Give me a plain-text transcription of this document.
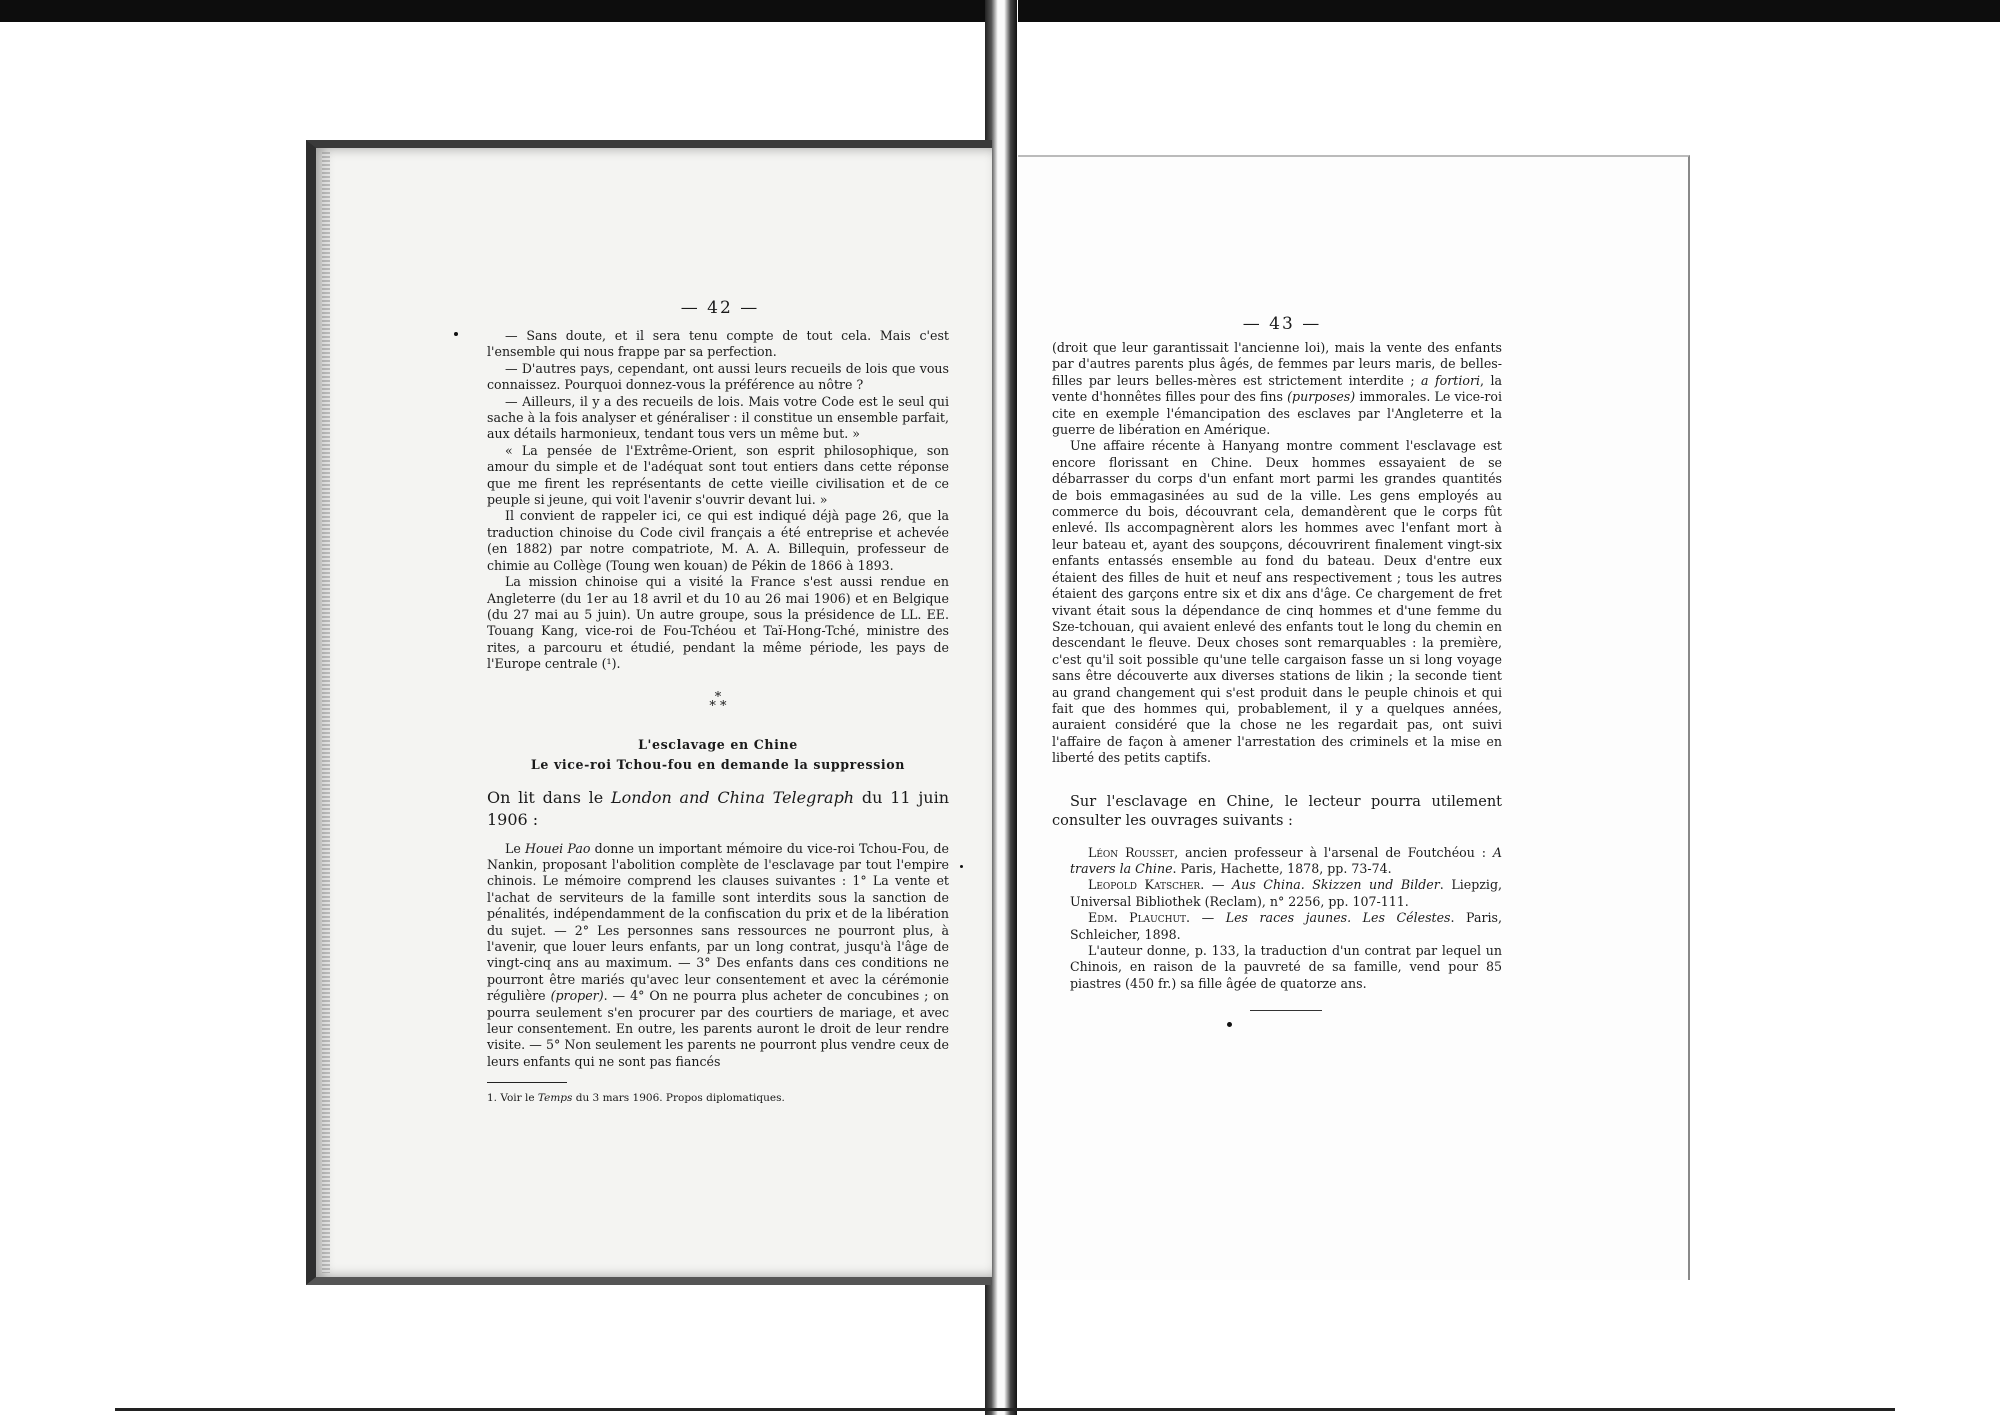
— 42 —

— Sans doute, et il sera tenu compte de tout cela. Mais c'est l'ensemble qui nous frappe par sa perfection.

— D'autres pays, cependant, ont aussi leurs recueils de lois que vous connaissez. Pourquoi donnez-vous la préférence au nôtre ?

— Ailleurs, il y a des recueils de lois. Mais votre Code est le seul qui sache à la fois analyser et généraliser : il constitue un ensemble parfait, aux détails harmonieux, tendant tous vers un même but. »

« La pensée de l'Extrême-Orient, son esprit philosophique, son amour du simple et de l'adéquat sont tout entiers dans cette réponse que me firent les représentants de cette vieille civilisation et de ce peuple si jeune, qui voit l'avenir s'ouvrir devant lui. »

Il convient de rappeler ici, ce qui est indiqué déjà page 26, que la traduction chinoise du Code civil français a été entreprise et achevée (en 1882) par notre compatriote, M. A. A. Billequin, professeur de chimie au Collège (Toung wen kouan) de Pékin de 1866 à 1893.

La mission chinoise qui a visité la France s'est aussi rendue en Angleterre (du 1er au 18 avril et du 10 au 26 mai 1906) et en Belgique (du 27 mai au 5 juin). Un autre groupe, sous la présidence de LL. EE. Touang Kang, vice-roi de Fou-Tchéou et Taï-Hong-Tché, ministre des rites, a parcouru et étudié, pendant la même période, les pays de l'Europe centrale (¹).

*
* *
L'esclavage en Chine
Le vice-roi Tchou-fou en demande la suppression

On lit dans le London and China Telegraph du 11 juin 1906 :

Le Houei Pao donne un important mémoire du vice-roi Tchou-Fou, de Nankin, proposant l'abolition complète de l'esclavage par tout l'empire chinois. Le mémoire comprend les clauses suivantes : 1° La vente et l'achat de serviteurs de la famille sont interdits sous la sanction de pénalités, indépendamment de la confiscation du prix et de la libération du sujet. — 2° Les personnes sans ressources ne pourront plus, à l'avenir, que louer leurs enfants, par un long contrat, jusqu'à l'âge de vingt-cinq ans au maximum. — 3° Des enfants dans ces conditions ne pourront être mariés qu'avec leur consentement et avec la cérémonie régulière (proper). — 4° On ne pourra plus acheter de concubines ; on pourra seulement s'en procurer par des courtiers de mariage, et avec leur consentement. En outre, les parents auront le droit de leur rendre visite. — 5° Non seulement les parents ne pourront plus vendre ceux de leurs enfants qui ne sont pas fiancés

1. Voir le Temps du 3 mars 1906. Propos diplomatiques.

— 43 —

(droit que leur garantissait l'ancienne loi), mais la vente des enfants par d'autres parents plus âgés, de femmes par leurs maris, de belles-filles par leurs belles-mères est strictement interdite ; a fortiori, la vente d'honnêtes filles pour des fins (purposes) immorales. Le vice-roi cite en exemple l'émancipation des esclaves par l'Angleterre et la guerre de libération en Amérique.

Une affaire récente à Hanyang montre comment l'esclavage est encore florissant en Chine. Deux hommes essayaient de se débarrasser du corps d'un enfant mort parmi les grandes quantités de bois emmagasinées au sud de la ville. Les gens employés au commerce du bois, découvrant cela, demandèrent que le corps fût enlevé. Ils accompagnèrent alors les hommes avec l'enfant mort à leur bateau et, ayant des soupçons, découvrirent finalement vingt-six enfants entassés ensemble au fond du bateau. Deux d'entre eux étaient des filles de huit et neuf ans respectivement ; tous les autres étaient des garçons entre six et dix ans d'âge. Ce chargement de fret vivant était sous la dépendance de cinq hommes et d'une femme du Sze-tchouan, qui avaient enlevé des enfants tout le long du chemin en descendant le fleuve. Deux choses sont remarquables : la première, c'est qu'il soit possible qu'une telle cargaison fasse un si long voyage sans être découverte aux diverses stations de likin ; la seconde tient au grand changement qui s'est produit dans le peuple chinois et qui fait que des hommes qui, probablement, il y a quelques années, auraient considéré que la chose ne les regardait pas, ont suivi l'affaire de façon à amener l'arrestation des criminels et la mise en liberté des petits captifs.

Sur l'esclavage en Chine, le lecteur pourra utilement consulter les ouvrages suivants :

Léon Rousset, ancien professeur à l'arsenal de Foutchéou : A travers la Chine. Paris, Hachette, 1878, pp. 73-74.

Leopold Katscher. — Aus China. Skizzen und Bilder. Liepzig, Universal Bibliothek (Reclam), n° 2256, pp. 107-111.

Edm. Plauchut. — Les races jaunes. Les Célestes. Paris, Schleicher, 1898.

L'auteur donne, p. 133, la traduction d'un contrat par lequel un Chinois, en raison de la pauvreté de sa famille, vend pour 85 piastres (450 fr.) sa fille âgée de quatorze ans.
